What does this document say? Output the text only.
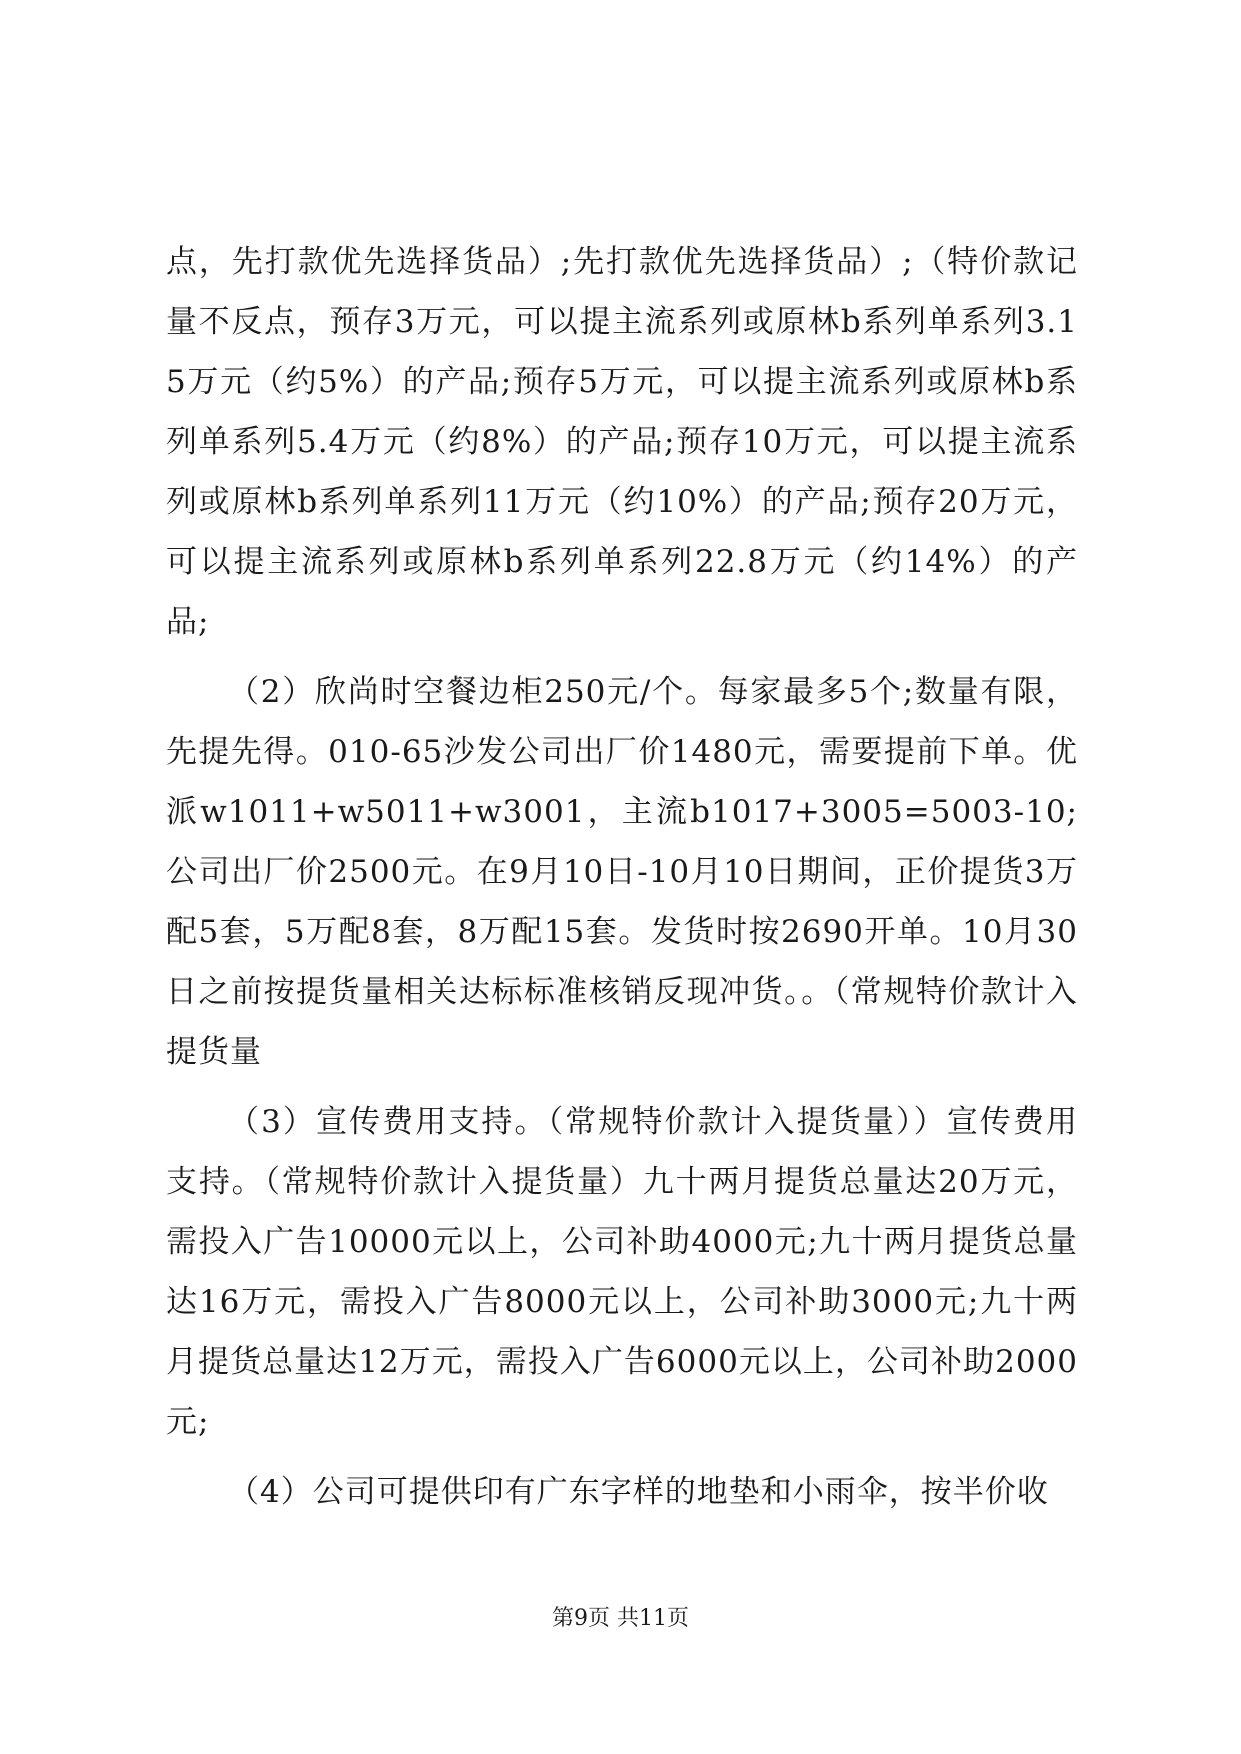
点，先打款优先选择货品）;先打款优先选择货品）;（特价款记量不反点，预存3万元，可以提主流系列或原林b系列单系列3.15万元（约5%）的产品;预存5万元，可以提主流系列或原林b系列单系列5.4万元（约8%）的产品;预存10万元，可以提主流系列或原林b系列单系列11万元（约10%）的产品;预存20万元，可以提主流系列或原林b系列单系列22.8万元（约14%）的产品;

（2）欣尚时空餐边柜250元/个。每家最多5个;数量有限，先提先得。010-65沙发公司出厂价1480元，需要提前下单。优派w1011+w5011+w3001，主流b1017+3005=5003-10;公司出厂价2500元。在9月10日-10月10日期间，正价提货3万配5套，5万配8套，8万配15套。发货时按2690开单。10月30日之前按提货量相关达标标准核销反现冲货。。（常规特价款计入提货量

（3）宣传费用支持。（常规特价款计入提货量））宣传费用支持。（常规特价款计入提货量）九十两月提货总量达20万元，需投入广告10000元以上，公司补助4000元;九十两月提货总量达16万元，需投入广告8000元以上，公司补助3000元;九十两月提货总量达12万元，需投入广告6000元以上，公司补助2000元;

（4）公司可提供印有广东字样的地垫和小雨伞，按半价收

第9页 共11页
